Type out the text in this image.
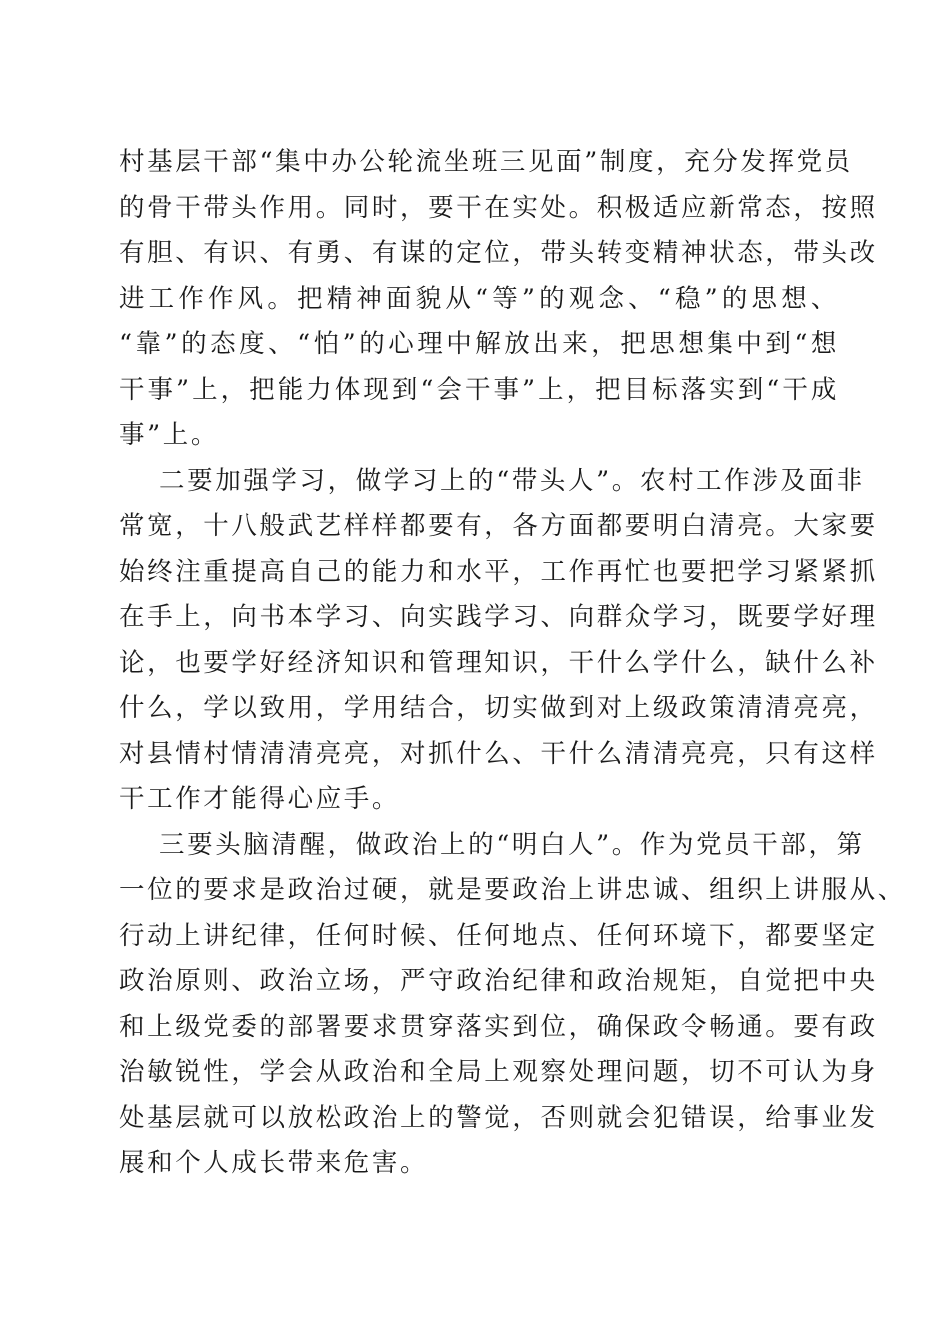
村基层干部“集中办公轮流坐班三见面”制度，充分发挥党员
的骨干带头作用。同时，要干在实处。积极适应新常态，按照
有胆、有识、有勇、有谋的定位，带头转变精神状态，带头改
进工作作风。把精神面貌从“等”的观念、“稳”的思想、
“靠”的态度、“怕”的心理中解放出来，把思想集中到“想
干事”上，把能力体现到“会干事”上，把目标落实到“干成
事”上。
二要加强学习，做学习上的“带头人”。农村工作涉及面非
常宽，十八般武艺样样都要有，各方面都要明白清亮。大家要
始终注重提高自己的能力和水平，工作再忙也要把学习紧紧抓
在手上，向书本学习、向实践学习、向群众学习，既要学好理
论，也要学好经济知识和管理知识，干什么学什么，缺什么补
什么，学以致用，学用结合，切实做到对上级政策清清亮亮，
对县情村情清清亮亮，对抓什么、干什么清清亮亮，只有这样
干工作才能得心应手。
三要头脑清醒，做政治上的“明白人”。作为党员干部，第
一位的要求是政治过硬，就是要政治上讲忠诚、组织上讲服从、
行动上讲纪律，任何时候、任何地点、任何环境下，都要坚定
政治原则、政治立场，严守政治纪律和政治规矩，自觉把中央
和上级党委的部署要求贯穿落实到位，确保政令畅通。要有政
治敏锐性，学会从政治和全局上观察处理问题，切不可认为身
处基层就可以放松政治上的警觉，否则就会犯错误，给事业发
展和个人成长带来危害。
